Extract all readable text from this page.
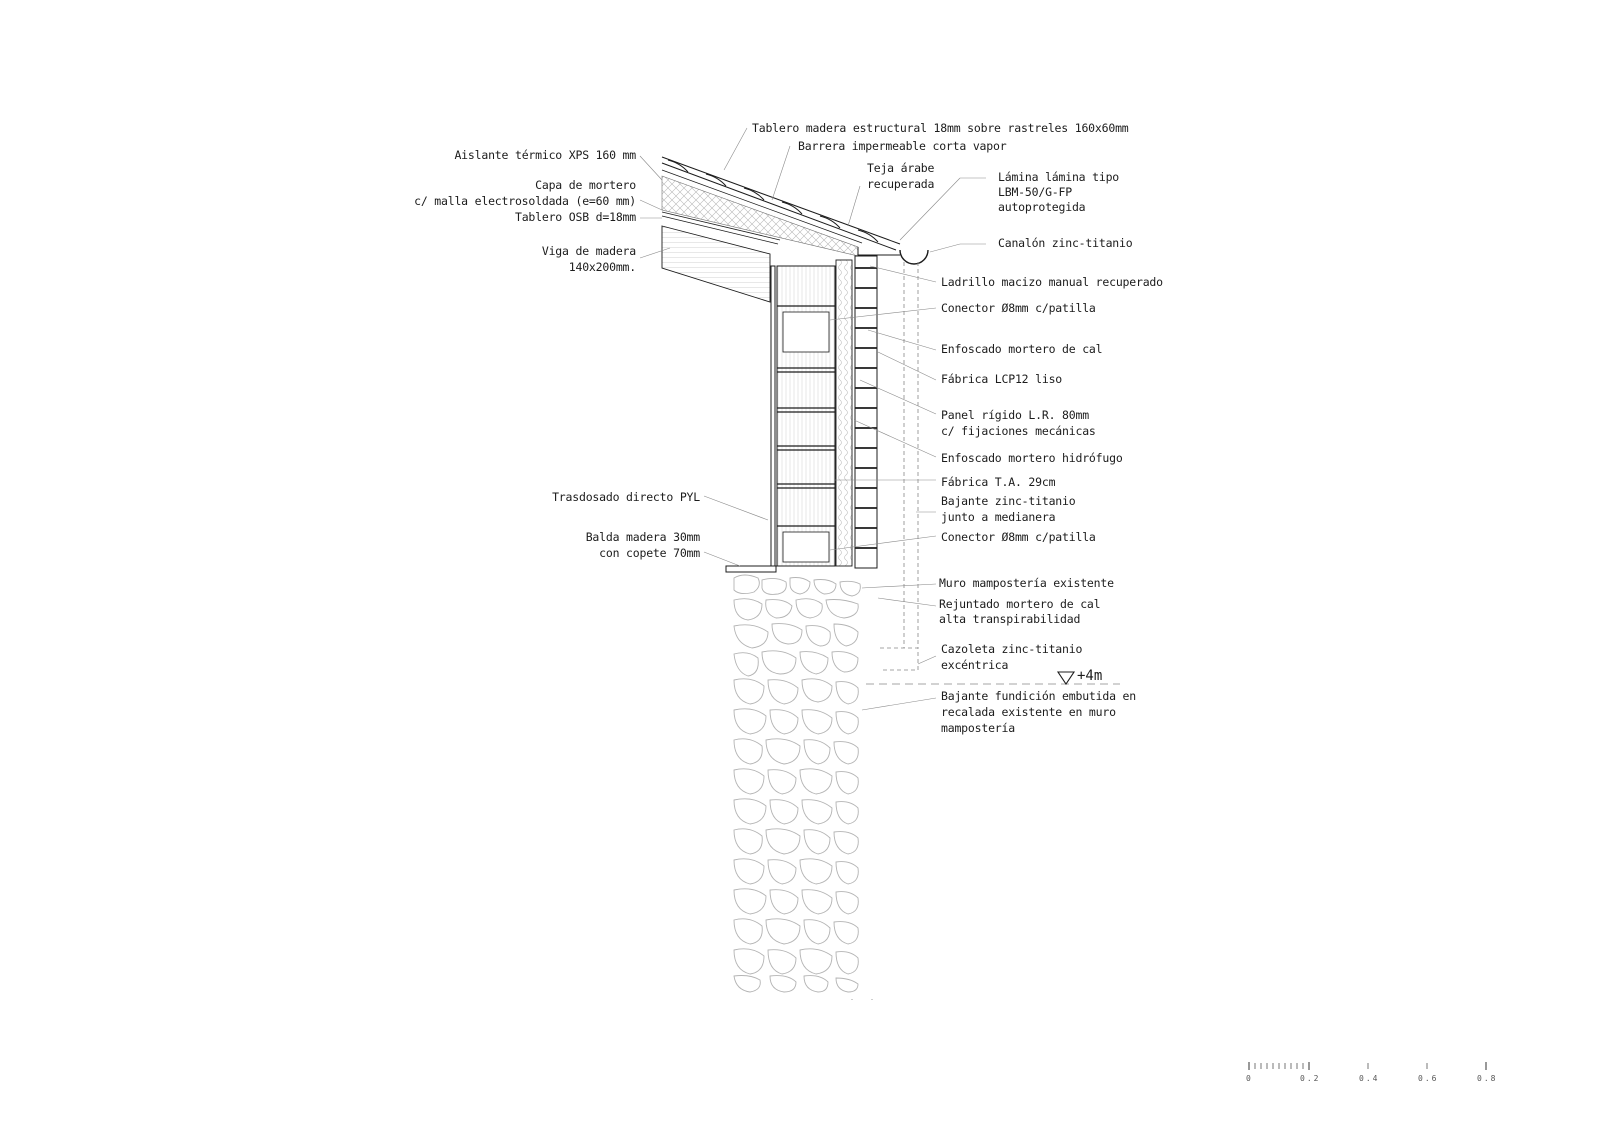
Aislante térmico XPS 160 mm
Capa de mortero
c/ malla electrosoldada (e=60 mm)
Tablero OSB d=18mm
Viga de madera
140x200mm.
Trasdosado directo PYL
Balda madera 30mm
con copete 70mm
Tablero madera estructural 18mm sobre rastreles 160x60mm
Barrera impermeable corta vapor
Teja árabe
recuperada	Lámina lámina tipo
LBM-50/G-FP
autoprotegida
Canalón zinc-titanio
Ladrillo macizo manual recuperado
Conector Ø8mm c/patilla
Enfoscado mortero de cal
Fábrica LCP12 liso
Panel rígido L.R. 80mm
c/ fijaciones mecánicas
Enfoscado mortero hidrófugo
Fábrica T.A. 29cm
Bajante zinc-titanio
junto a medianera
Conector Ø8mm c/patilla
Muro mampostería existente
Rejuntado mortero de cal
alta transpirabilidad
Cazoleta zinc-titanio
excéntrica
Bajante fundición embutida en
recalada existente en muro
mampostería
+4m
0	0.2	0.4	0.6	0.8
